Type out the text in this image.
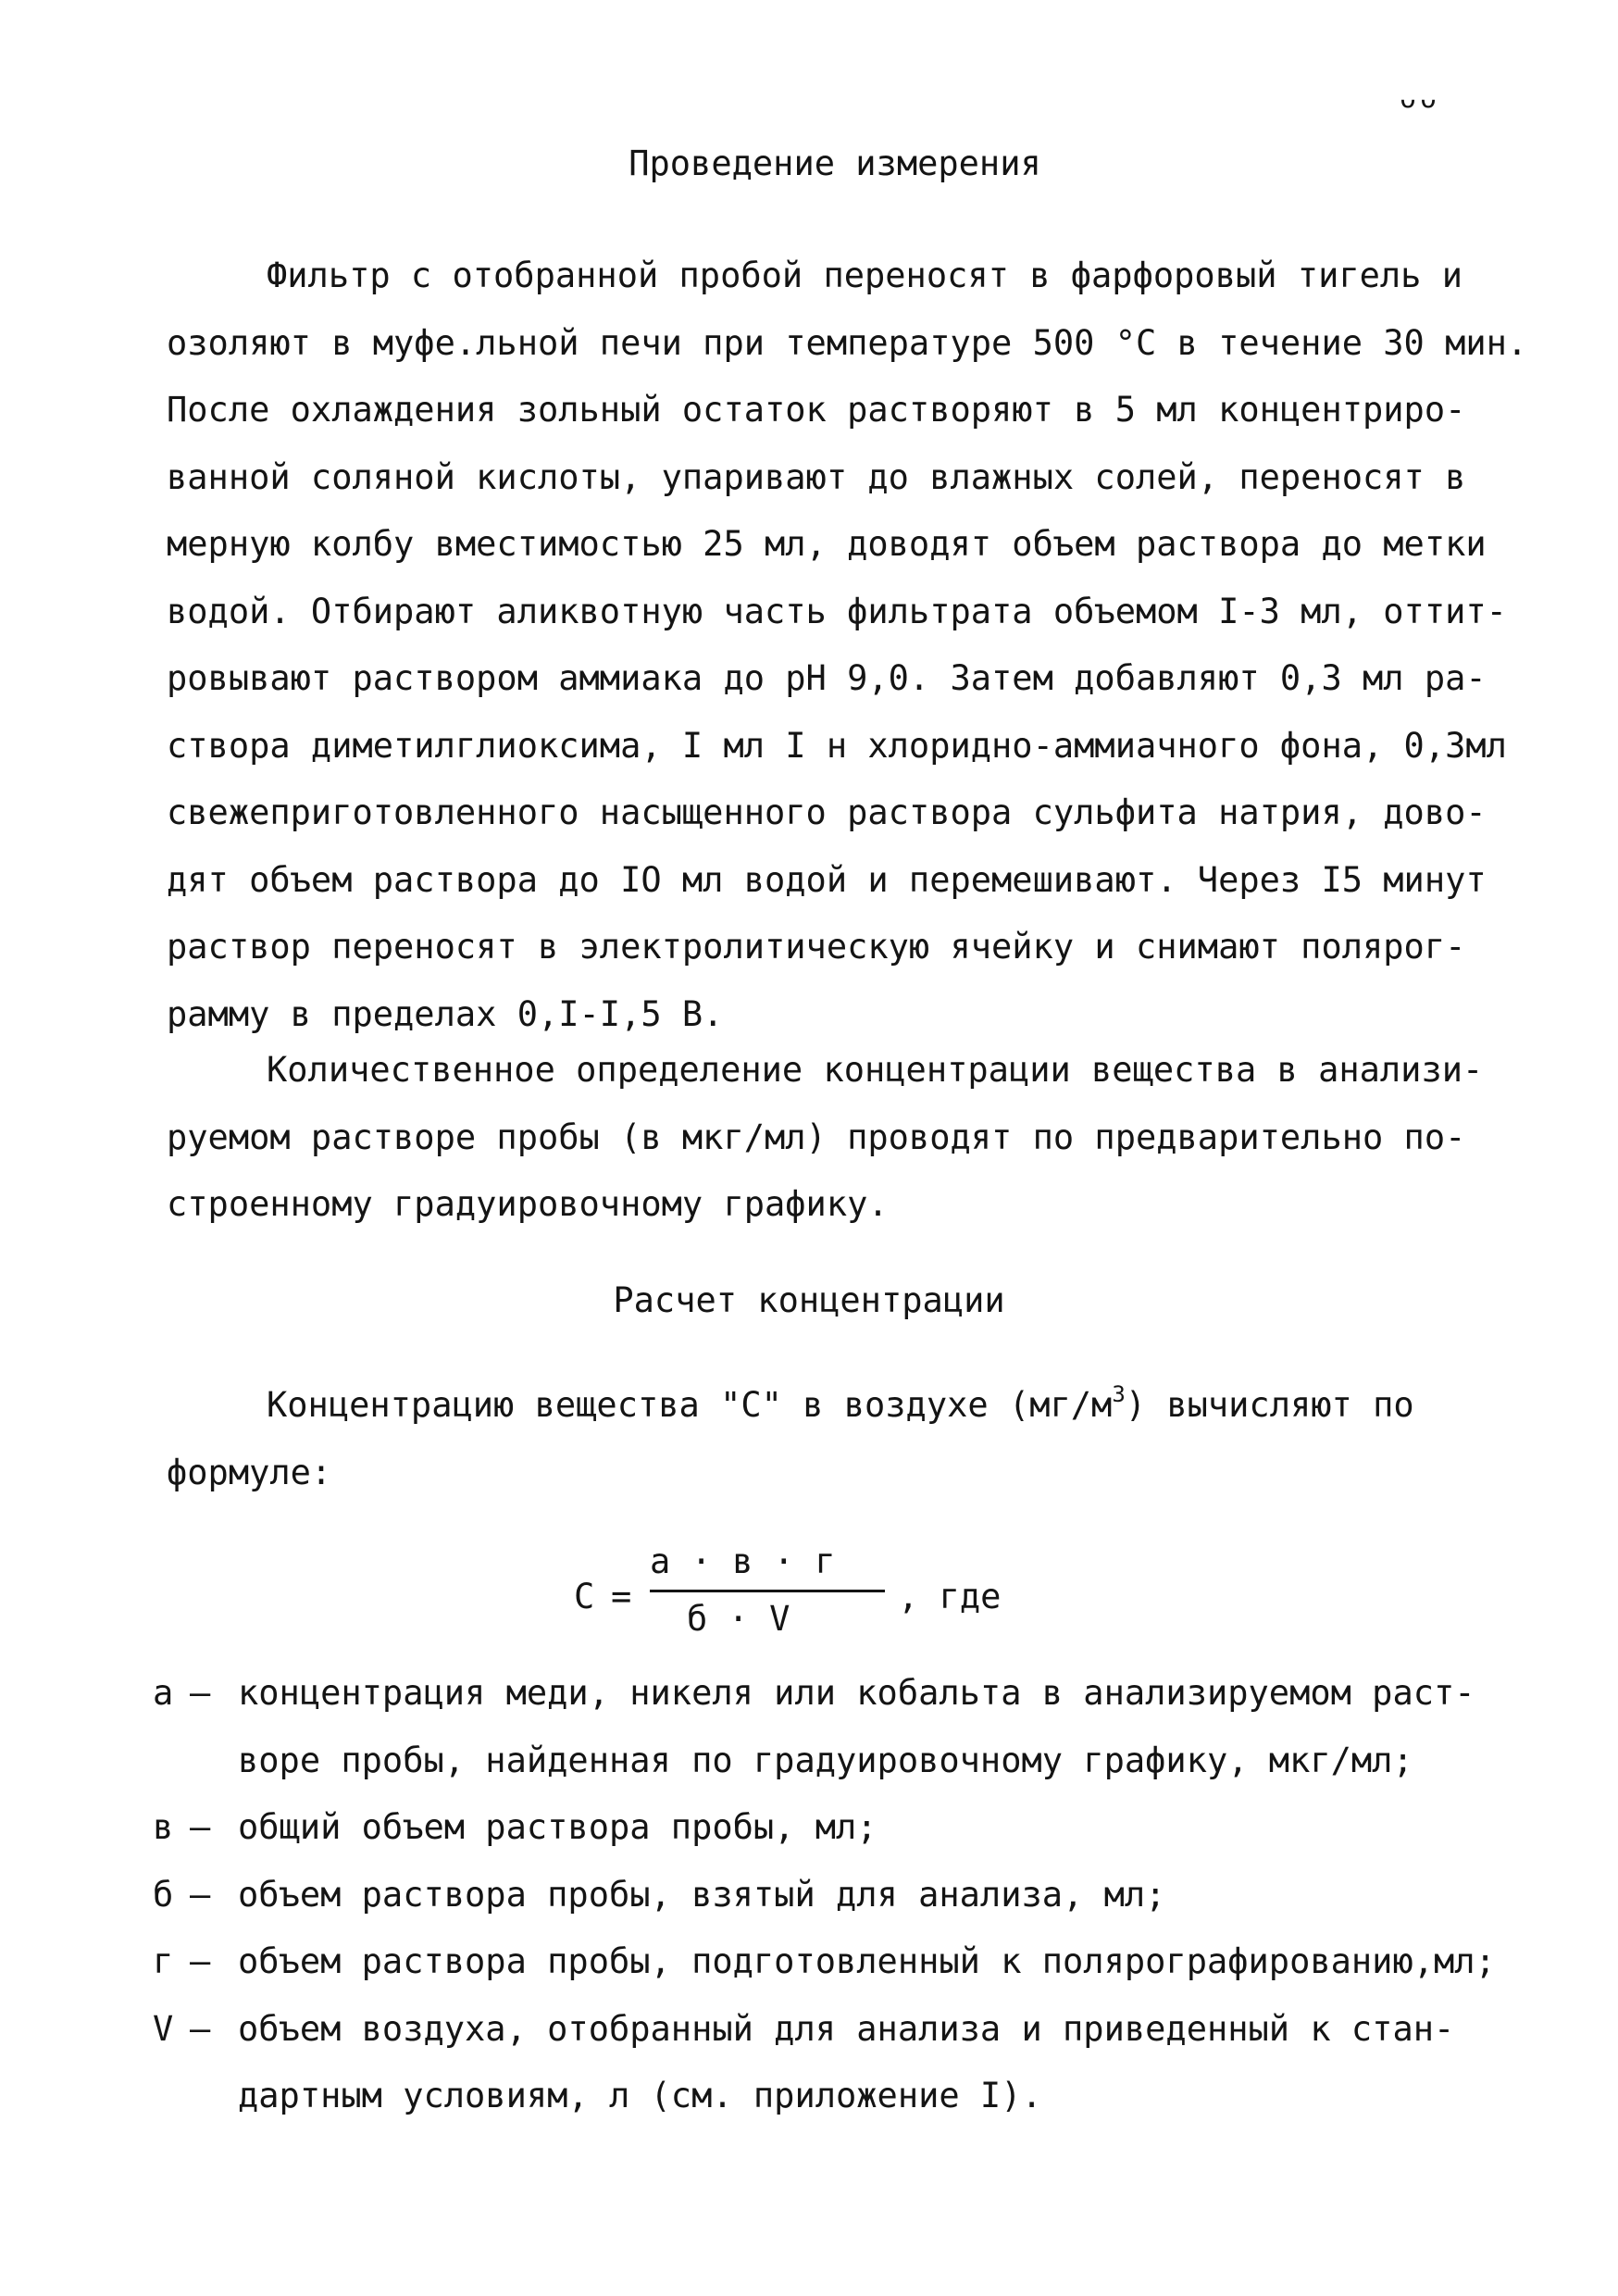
ᴗᴗ
Проведение измерения
Фильтр с отобранной пробой переносят в фарфоровый тигель и
озоляют в муфе.льной печи при температуре 500 °С в течение 30 мин.
После охлаждения зольный остаток растворяют в 5 мл концентриро-
ванной соляной кислоты, упаривают до влажных солей, переносят в
мерную колбу вместимостью 25 мл, доводят объем раствора до метки
водой. Отбирают аликвотную часть фильтрата объемом I-3 мл, оттит-
ровывают раствором аммиака до рН 9,0. Затем добавляют 0,3 мл ра-
створа диметилглиоксима, I мл I н хлоридно-аммиачного фона, 0,3мл
свежеприготовленного насыщенного раствора сульфита натрия, дово-
дят объем раствора до IO мл водой и перемешивают. Через I5 минут
раствор переносят в электролитическую ячейку и снимают полярог-
рамму в пределах 0,I-I,5 В.
Количественное определение концентрации вещества в анализи-
руемом растворе пробы (в мкг/мл) проводят по предварительно по-
строенному градуировочному графику.
Расчет концентрации
Концентрацию вещества "С" в воздухе $(мг/м^3)$ вычисляют по
формуле:
С =
а · в · г
б · V
, где
а – концентрация меди, никеля или кобальта в анализируемом раст-
воре пробы, найденная по градуировочному графику, мкг/мл;
в – общий объем раствора пробы, мл;
б – объем раствора пробы, взятый для анализа, мл;
г – объем раствора пробы, подготовленный к полярографированию,мл;
V – объем воздуха, отобранный для анализа и приведенный к стан-
дартным условиям, л (см. приложение I).
